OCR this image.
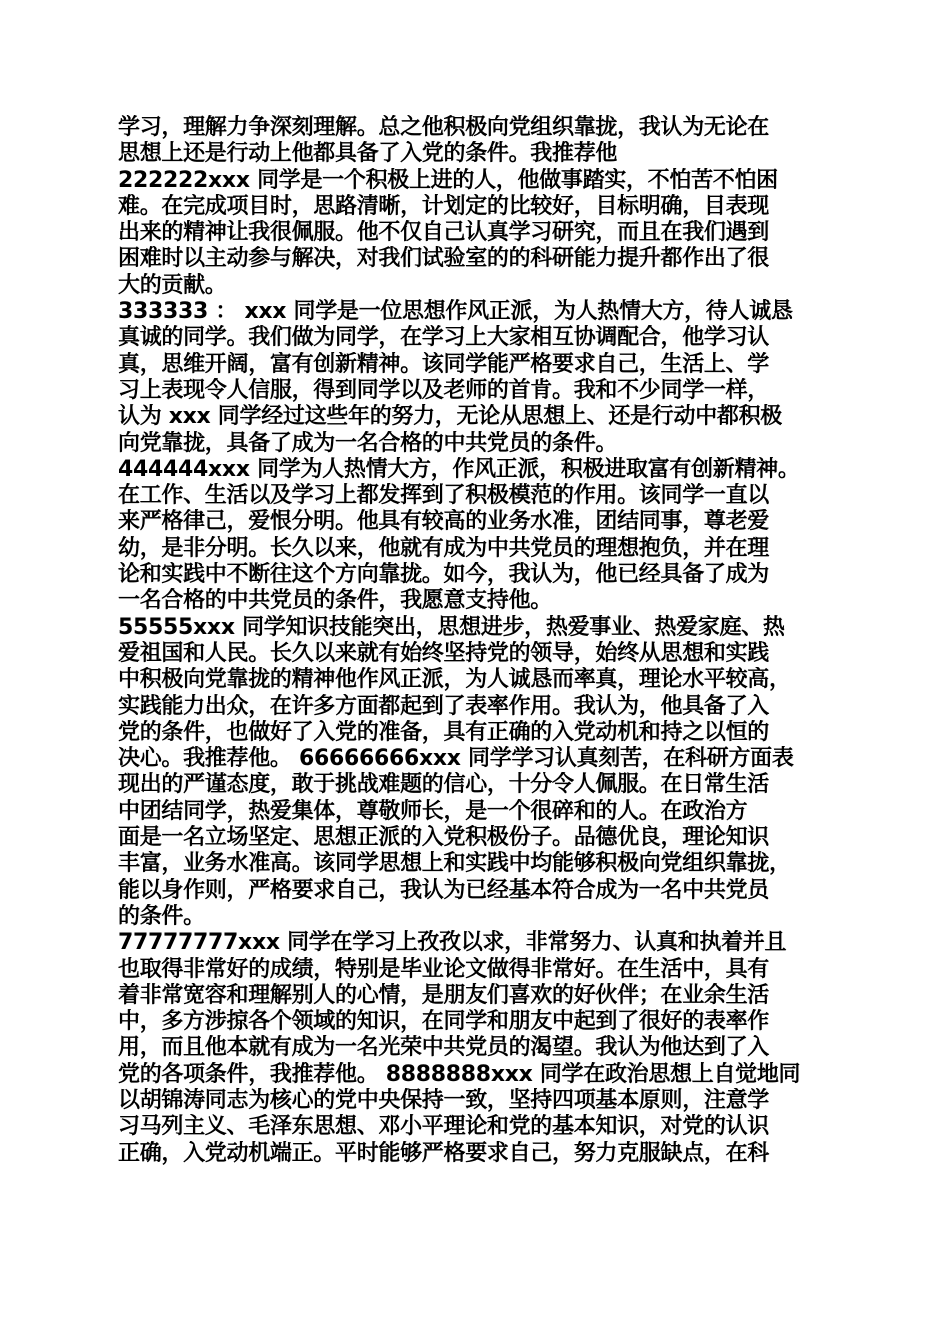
学习，理解力争深刻理解。总之他积极向党组织靠拢，我认为无论在
思想上还是行动上他都具备了入党的条件。我推荐他
222222xxx 同学是一个积极上进的人，他做事踏实，不怕苦不怕困
难。在完成项目时，思路清晰，计划定的比较好，目标明确，目表现
出来的精神让我很佩服。他不仅自己认真学习研究，而且在我们遇到
困难时以主动参与解决，对我们试验室的的科研能力提升都作出了很
大的贡献。
333333 ： xxx 同学是一位思想作风正派，为人热情大方，待人诚恳
真诚的同学。我们做为同学，在学习上大家相互协调配合，他学习认
真，思维开阔，富有创新精神。该同学能严格要求自己，生活上、学
习上表现令人信服，得到同学以及老师的首肯。我和不少同学一样，
认为 xxx 同学经过这些年的努力，无论从思想上、还是行动中都积极
向党靠拢，具备了成为一名合格的中共党员的条件。
444444xxx 同学为人热情大方，作风正派，积极进取富有创新精神。
在工作、生活以及学习上都发挥到了积极模范的作用。该同学一直以
来严格律己，爱恨分明。他具有较高的业务水准，团结同事，尊老爱
幼，是非分明。长久以来，他就有成为中共党员的理想抱负，并在理
论和实践中不断往这个方向靠拢。如今，我认为，他已经具备了成为
一名合格的中共党员的条件，我愿意支持他。
55555xxx 同学知识技能突出，思想进步，热爱事业、热爱家庭、热
爱祖国和人民。长久以来就有始终坚持党的领导，始终从思想和实践
中积极向党靠拢的精神他作风正派，为人诚恳而率真，理论水平较高，
实践能力出众，在许多方面都起到了表率作用。我认为，他具备了入
党的条件，也做好了入党的准备，具有正确的入党动机和持之以恒的
决心。我推荐他。 66666666xxx 同学学习认真刻苦，在科研方面表
现出的严谨态度，敢于挑战难题的信心，十分令人佩服。在日常生活
中团结同学，热爱集体，尊敬师长，是一个很碎和的人。在政治方
面是一名立场坚定、思想正派的入党积极份子。品德优良，理论知识
丰富，业务水准高。该同学思想上和实践中均能够积极向党组织靠拢，
能以身作则，严格要求自己，我认为已经基本符合成为一名中共党员
的条件。
77777777xxx 同学在学习上孜孜以求，非常努力、认真和执着并且
也取得非常好的成绩，特别是毕业论文做得非常好。在生活中，具有
着非常宽容和理解别人的心情，是朋友们喜欢的好伙伴；在业余生活
中，多方涉掠各个领域的知识，在同学和朋友中起到了很好的表率作
用，而且他本就有成为一名光荣中共党员的渴望。我认为他达到了入
党的各项条件，我推荐他。 8888888xxx 同学在政治思想上自觉地同
以胡锦涛同志为核心的党中央保持一致，坚持四项基本原则，注意学
习马列主义、毛泽东思想、邓小平理论和党的基本知识，对党的认识
正确，入党动机端正。平时能够严格要求自己，努力克服缺点，在科
